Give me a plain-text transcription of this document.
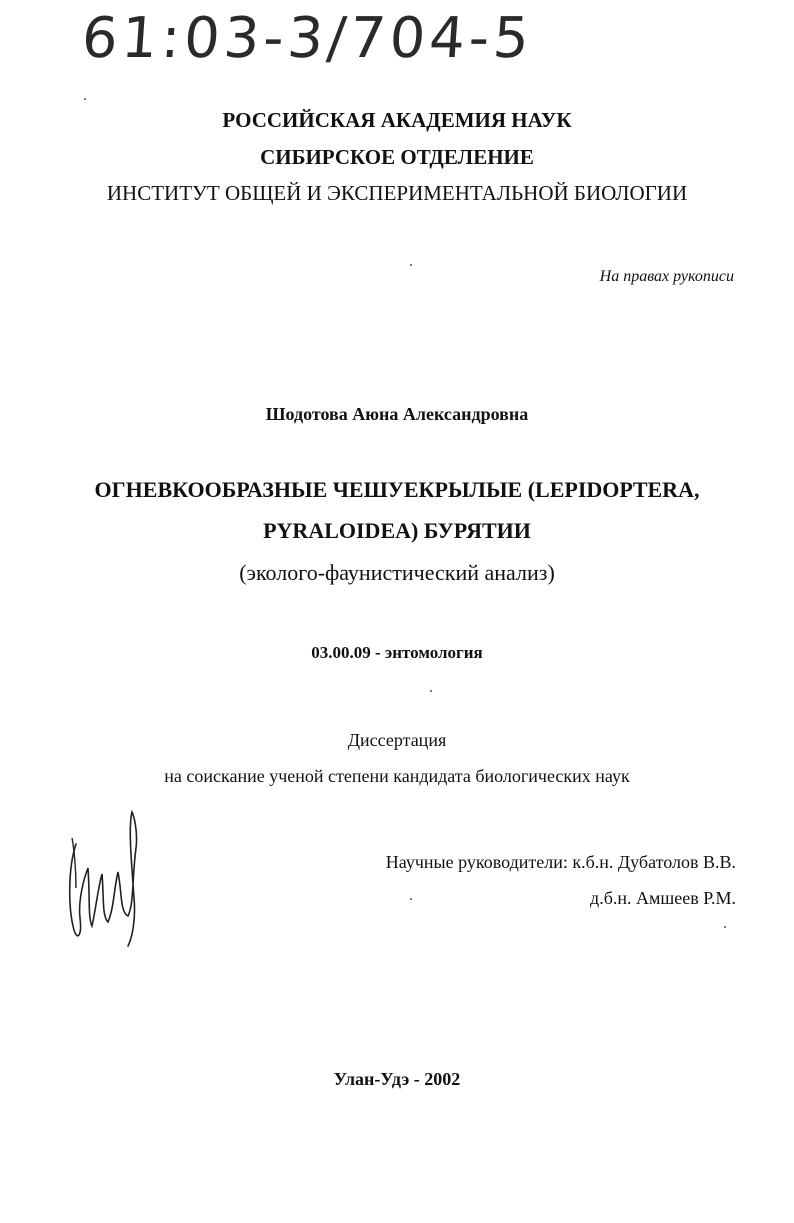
61:03-3/704-5
РОССИЙСКАЯ АКАДЕМИЯ НАУК
СИБИРСКОЕ ОТДЕЛЕНИЕ
ИНСТИТУТ ОБЩЕЙ И ЭКСПЕРИМЕНТАЛЬНОЙ БИОЛОГИИ
На правах рукописи
Шодотова Аюна Александровна
ОГНЕВКООБРАЗНЫЕ ЧЕШУЕКРЫЛЫЕ (LEPIDOPTERA,
PYRALOIDEA) БУРЯТИИ
(эколого-фаунистический анализ)
03.00.09 - энтомология
Диссертация
на соискание ученой степени кандидата биологических наук
Научные руководители: к.б.н. Дубатолов В.В.
д.б.н. Амшеев Р.М.
Улан-Удэ - 2002
